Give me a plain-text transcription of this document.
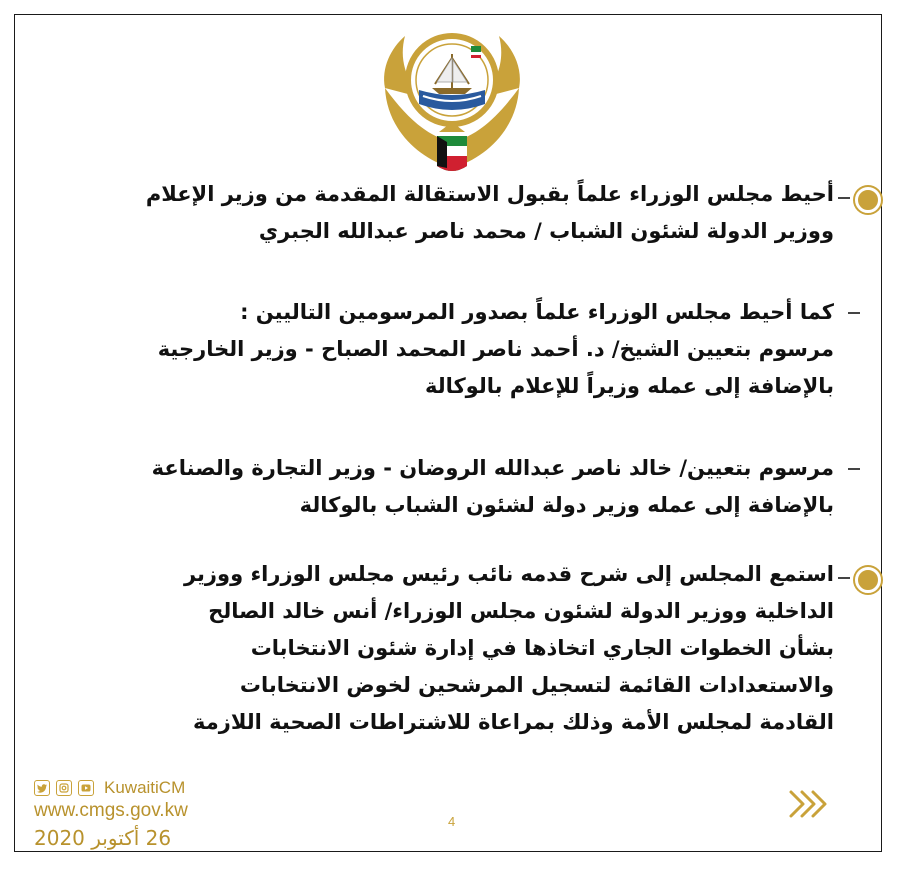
أحيط مجلس الوزراء علماً بقبول الاستقالة المقدمة من وزير الإعلام
ووزير الدولة لشئون الشباب / محمد ناصر عبدالله الجبري
كما أحيط مجلس الوزراء علماً بصدور المرسومين التاليين :
مرسوم بتعيين الشيخ/ د. أحمد ناصر المحمد الصباح - وزير الخارجية
بالإضافة إلى عمله وزيراً للإعلام بالوكالة
مرسوم بتعيين/ خالد ناصر عبدالله الروضان - وزير التجارة والصناعة
بالإضافة إلى عمله وزير دولة لشئون الشباب بالوكالة
استمع المجلس إلى شرح قدمه نائب رئيس مجلس الوزراء ووزير
الداخلية ووزير الدولة لشئون مجلس الوزراء/ أنس خالد الصالح
بشأن الخطوات الجاري اتخاذها في إدارة شئون الانتخابات
والاستعدادات القائمة لتسجيل المرشحين لخوض الانتخابات
القادمة لمجلس الأمة وذلك بمراعاة للاشتراطات الصحية اللازمة
KuwaitiCM
www.cmgs.gov.kw
26 أكتوبر 2020
4
